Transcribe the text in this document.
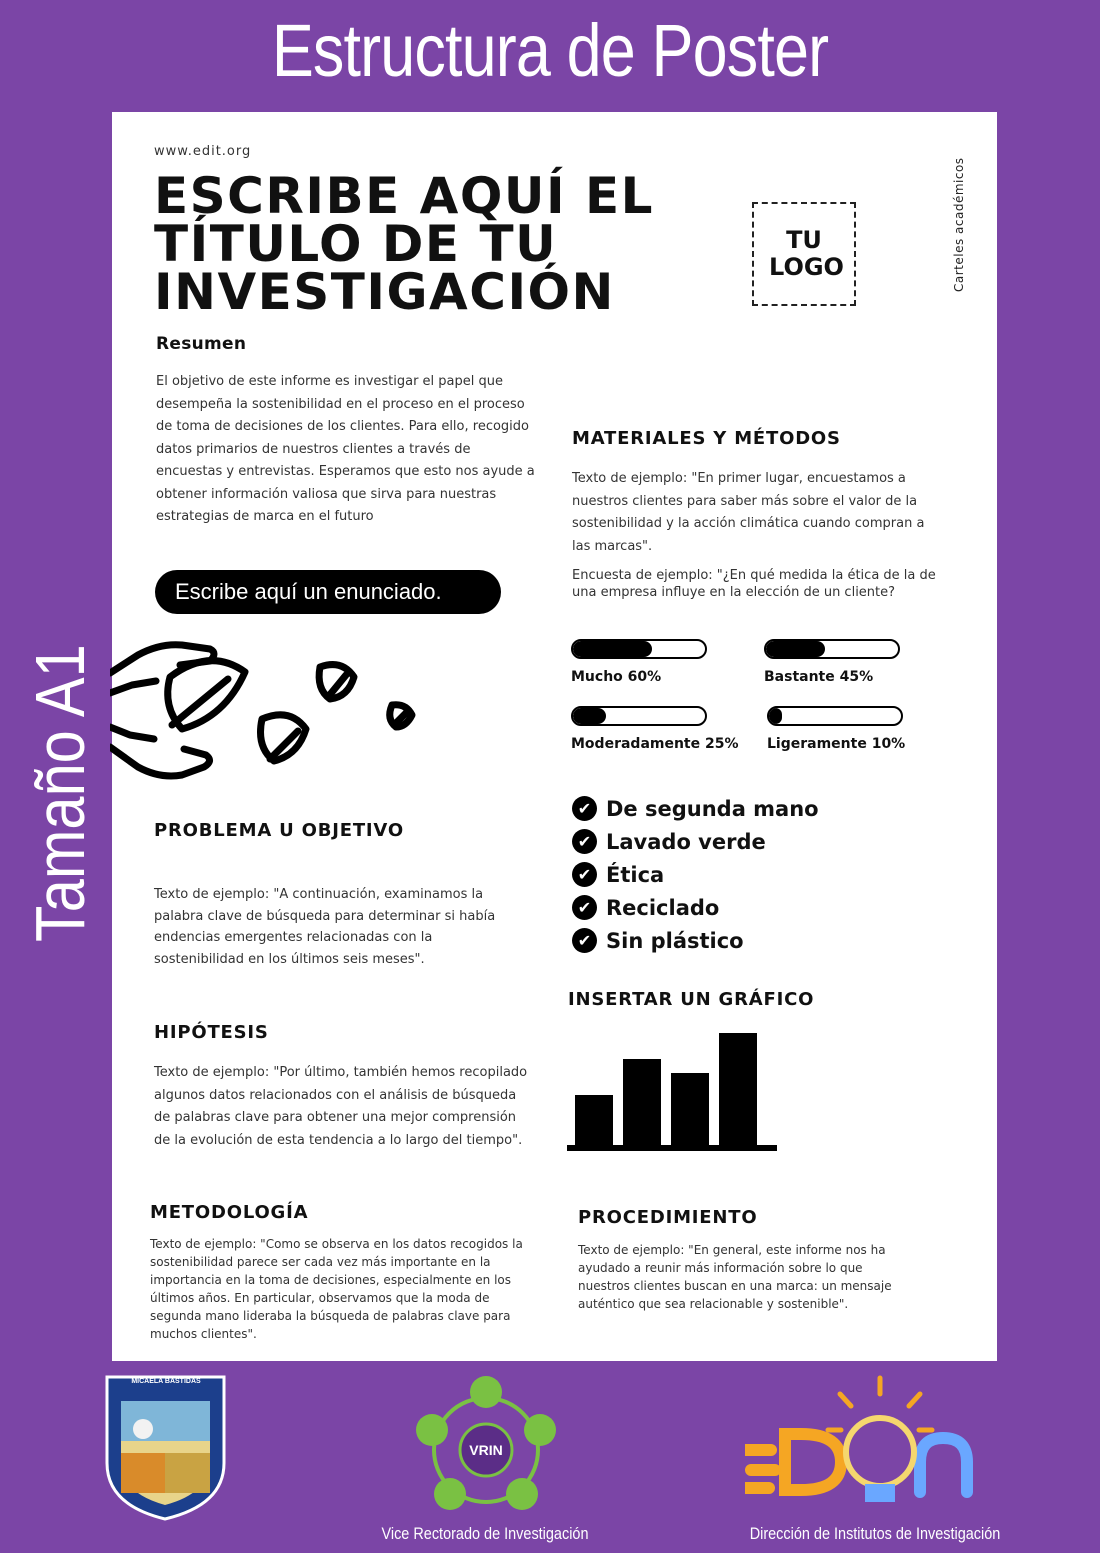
Estructura de Poster
Tamaño A1
www.edit.org
ESCRIBE AQUÍ EL TÍTULO DE TU INVESTIGACIÓN
TU LOGO	Carteles académicos
Resumen
El objetivo de este informe es investigar el papel que desempeña la sostenibilidad en el proceso en el proceso de toma de decisiones de los clientes. Para ello, recogido datos primarios de nuestros clientes a través de encuestas y entrevistas. Esperamos que esto nos ayude a obtener información valiosa que sirva para nuestras estrategias de marca en el futuro
Escribe aquí un enunciado.
PROBLEMA U OBJETIVO
Texto de ejemplo: "A continuación, examinamos la palabra clave de búsqueda para determinar si había endencias emergentes relacionadas con la sostenibilidad en los últimos seis meses".
HIPÓTESIS
Texto de ejemplo: "Por último, también hemos recopilado algunos datos relacionados con el análisis de búsqueda de palabras clave para obtener una mejor comprensión de la evolución de esta tendencia a lo largo del tiempo".
METODOLOGÍA
Texto de ejemplo: "Como se observa en los datos recogidos la sostenibilidad parece ser cada vez más importante en la importancia en la toma de decisiones, especialmente en los últimos años. En particular, observamos que la moda de segunda mano lideraba la búsqueda de palabras clave para muchos clientes".
MATERIALES Y MÉTODOS
Texto de ejemplo: "En primer lugar, encuestamos a nuestros clientes para saber más sobre el valor de la sostenibilidad y la acción climática cuando compran a las marcas".
Encuesta de ejemplo: "¿En qué medida la ética de la de una empresa influye en la elección de un cliente?
Mucho 60%	Bastante 45%
Moderadamente 25% Ligeramente 10%
✔ De segunda mano
✔ Lavado verde
✔ Ética
✔ Reciclado
✔ Sin plástico
INSERTAR UN GRÁFICO
PROCEDIMIENTO
Texto de ejemplo: "En general, este informe nos ha ayudado a reunir más información sobre lo que nuestros clientes buscan en una marca: un mensaje auténtico que sea relacionable y sostenible".
MICAELA BASTIDAS
VRIN
Vice Rectorado de Investigación	Dirección de Institutos de Investigación
